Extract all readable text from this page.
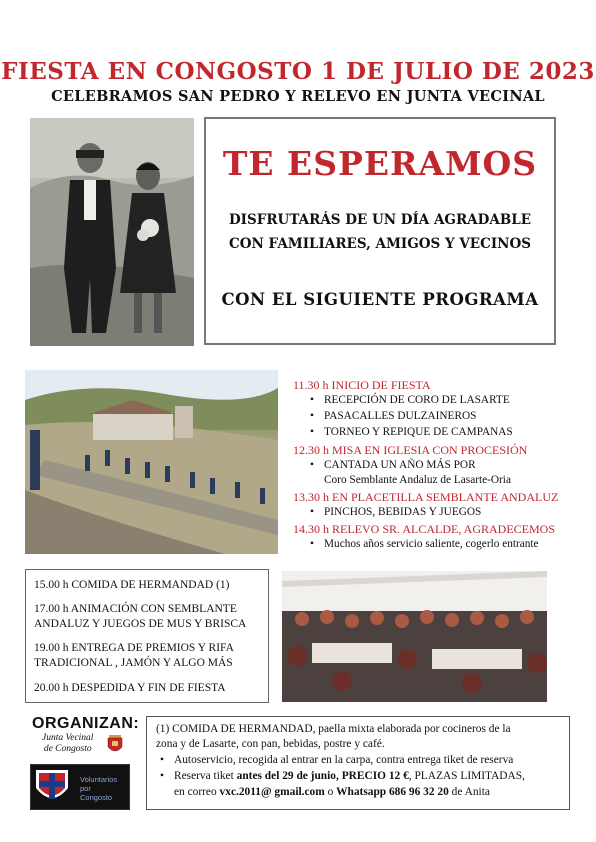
FIESTA EN CONGOSTO 1 DE JULIO DE 2023
CELEBRAMOS SAN PEDRO Y RELEVO EN JUNTA VECINAL
TE ESPERAMOS
DISFRUTARÁS DE UN DÍA AGRADABLE
CON FAMILIARES, AMIGOS Y VECINOS
CON EL SIGUIENTE PROGRAMA
11.30 h INICIO DE FIESTA
• RECEPCIÓN DE CORO DE LASARTE
• PASACALLES DULZAINEROS
• TORNEO Y REPIQUE DE CAMPANAS
12.30 h MISA EN IGLESIA CON PROCESIÓN
• CANTADA UN AÑO MÁS POR
Coro Semblante Andaluz de Lasarte-Oria
13.30 h EN PLACETILLA SEMBLANTE ANDALUZ
• PINCHOS, BEBIDAS Y JUEGOS
14.30 h RELEVO SR. ALCALDE, AGRADECEMOS
• Muchos años servicio saliente, cogerlo entrante
15.00 h COMIDA DE HERMANDAD (1)
17.00 h ANIMACIÓN CON SEMBLANTE
ANDALUZ Y JUEGOS DE MUS Y BRISCA
19.00 h ENTREGA DE PREMIOS Y RIFA
TRADICIONAL , JAMÓN Y ALGO MÁS
20.00 h DESPEDIDA Y FIN DE FIESTA
ORGANIZAN:
Junta Vecinal
de Congosto
Voluntarios
por
Congosto
(1) COMIDA DE HERMANDAD, paella mixta elaborada por cocineros de la
zona y de Lasarte, con pan, bebidas, postre y café.
• Autoservicio, recogida al entrar en la carpa, contra entrega tiket de reserva
• Reserva tiket antes del 29 de junio, PRECIO 12 €, PLAZAS LIMITADAS,
en correo vxc.2011@ gmail.com o Whatsapp 686 96 32 20 de Anita
